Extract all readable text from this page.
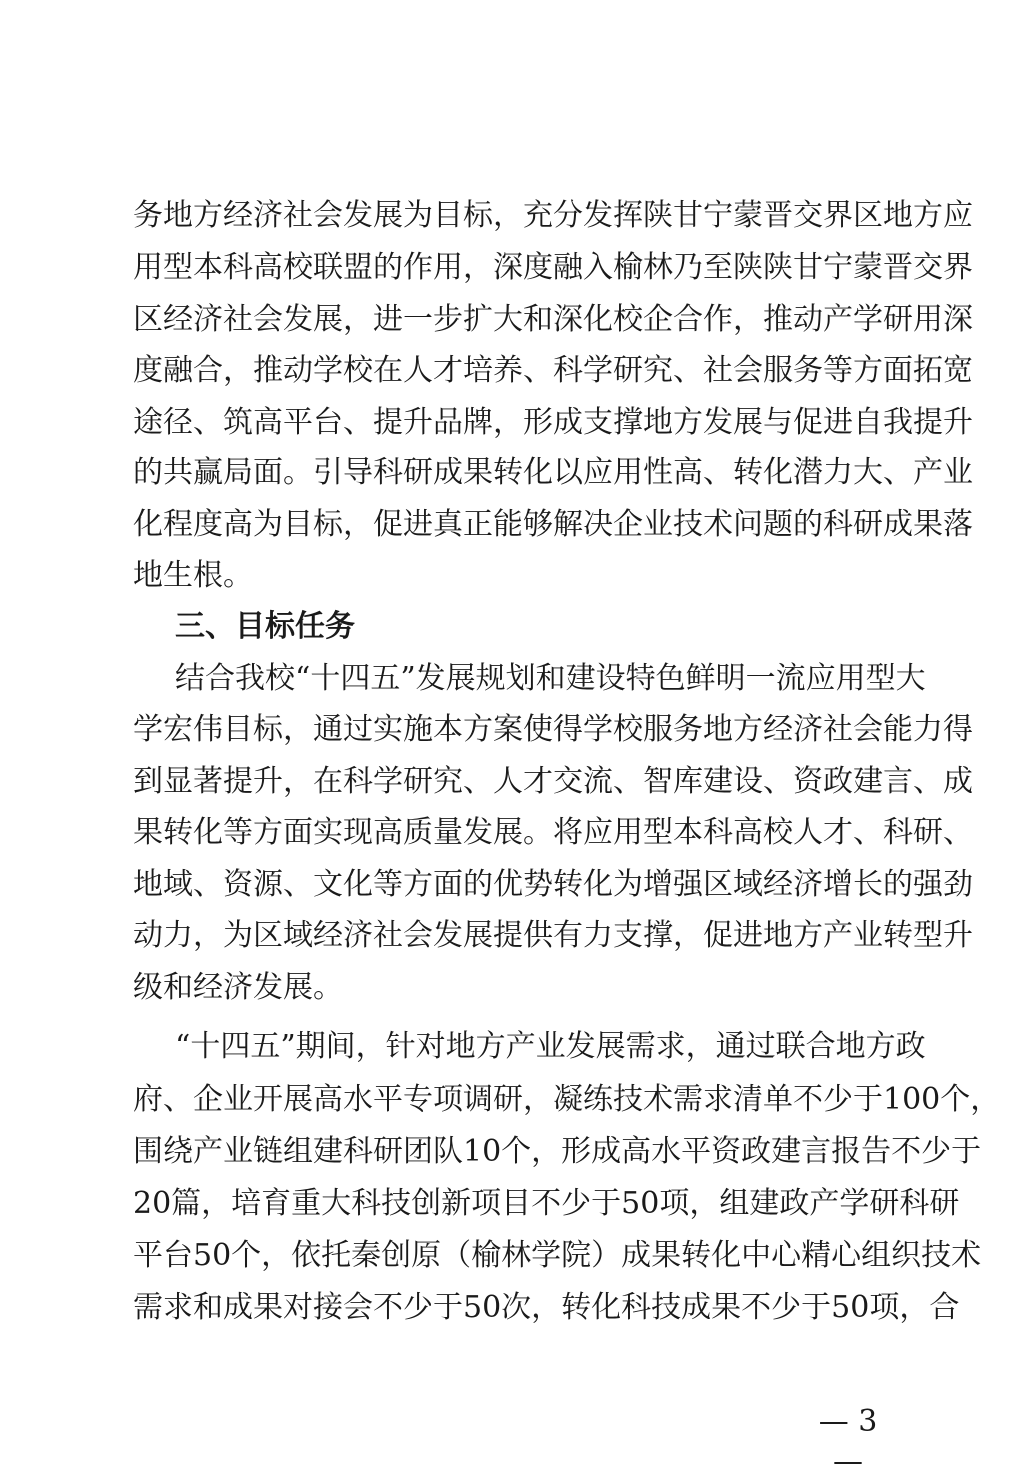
务地方经济社会发展为目标，充分发挥陕甘宁蒙晋交界区地方应
用型本科高校联盟的作用，深度融入榆林乃至陕陕甘宁蒙晋交界
区经济社会发展，进一步扩大和深化校企合作，推动产学研用深
度融合，推动学校在人才培养、科学研究、社会服务等方面拓宽
途径、筑高平台、提升品牌，形成支撑地方发展与促进自我提升
的共赢局面。引导科研成果转化以应用性高、转化潜力大、产业
化程度高为目标，促进真正能够解决企业技术问题的科研成果落
地生根。
三、目标任务
结合我校“十四五”发展规划和建设特色鲜明一流应用型大
学宏伟目标，通过实施本方案使得学校服务地方经济社会能力得
到显著提升，在科学研究、人才交流、智库建设、资政建言、成
果转化等方面实现高质量发展。将应用型本科高校人才、科研、
地域、资源、文化等方面的优势转化为增强区域经济增长的强劲
动力，为区域经济社会发展提供有力支撑，促进地方产业转型升
级和经济发展。
“十四五”期间，针对地方产业发展需求，通过联合地方政
府、企业开展高水平专项调研，凝练技术需求清单不少于100个，
围绕产业链组建科研团队10个，形成高水平资政建言报告不少于
20篇，培育重大科技创新项目不少于50项，组建政产学研科研
平台50个，依托秦创原（榆林学院）成果转化中心精心组织技术
需求和成果对接会不少于50次，转化科技成果不少于50项，合
— 3 —
